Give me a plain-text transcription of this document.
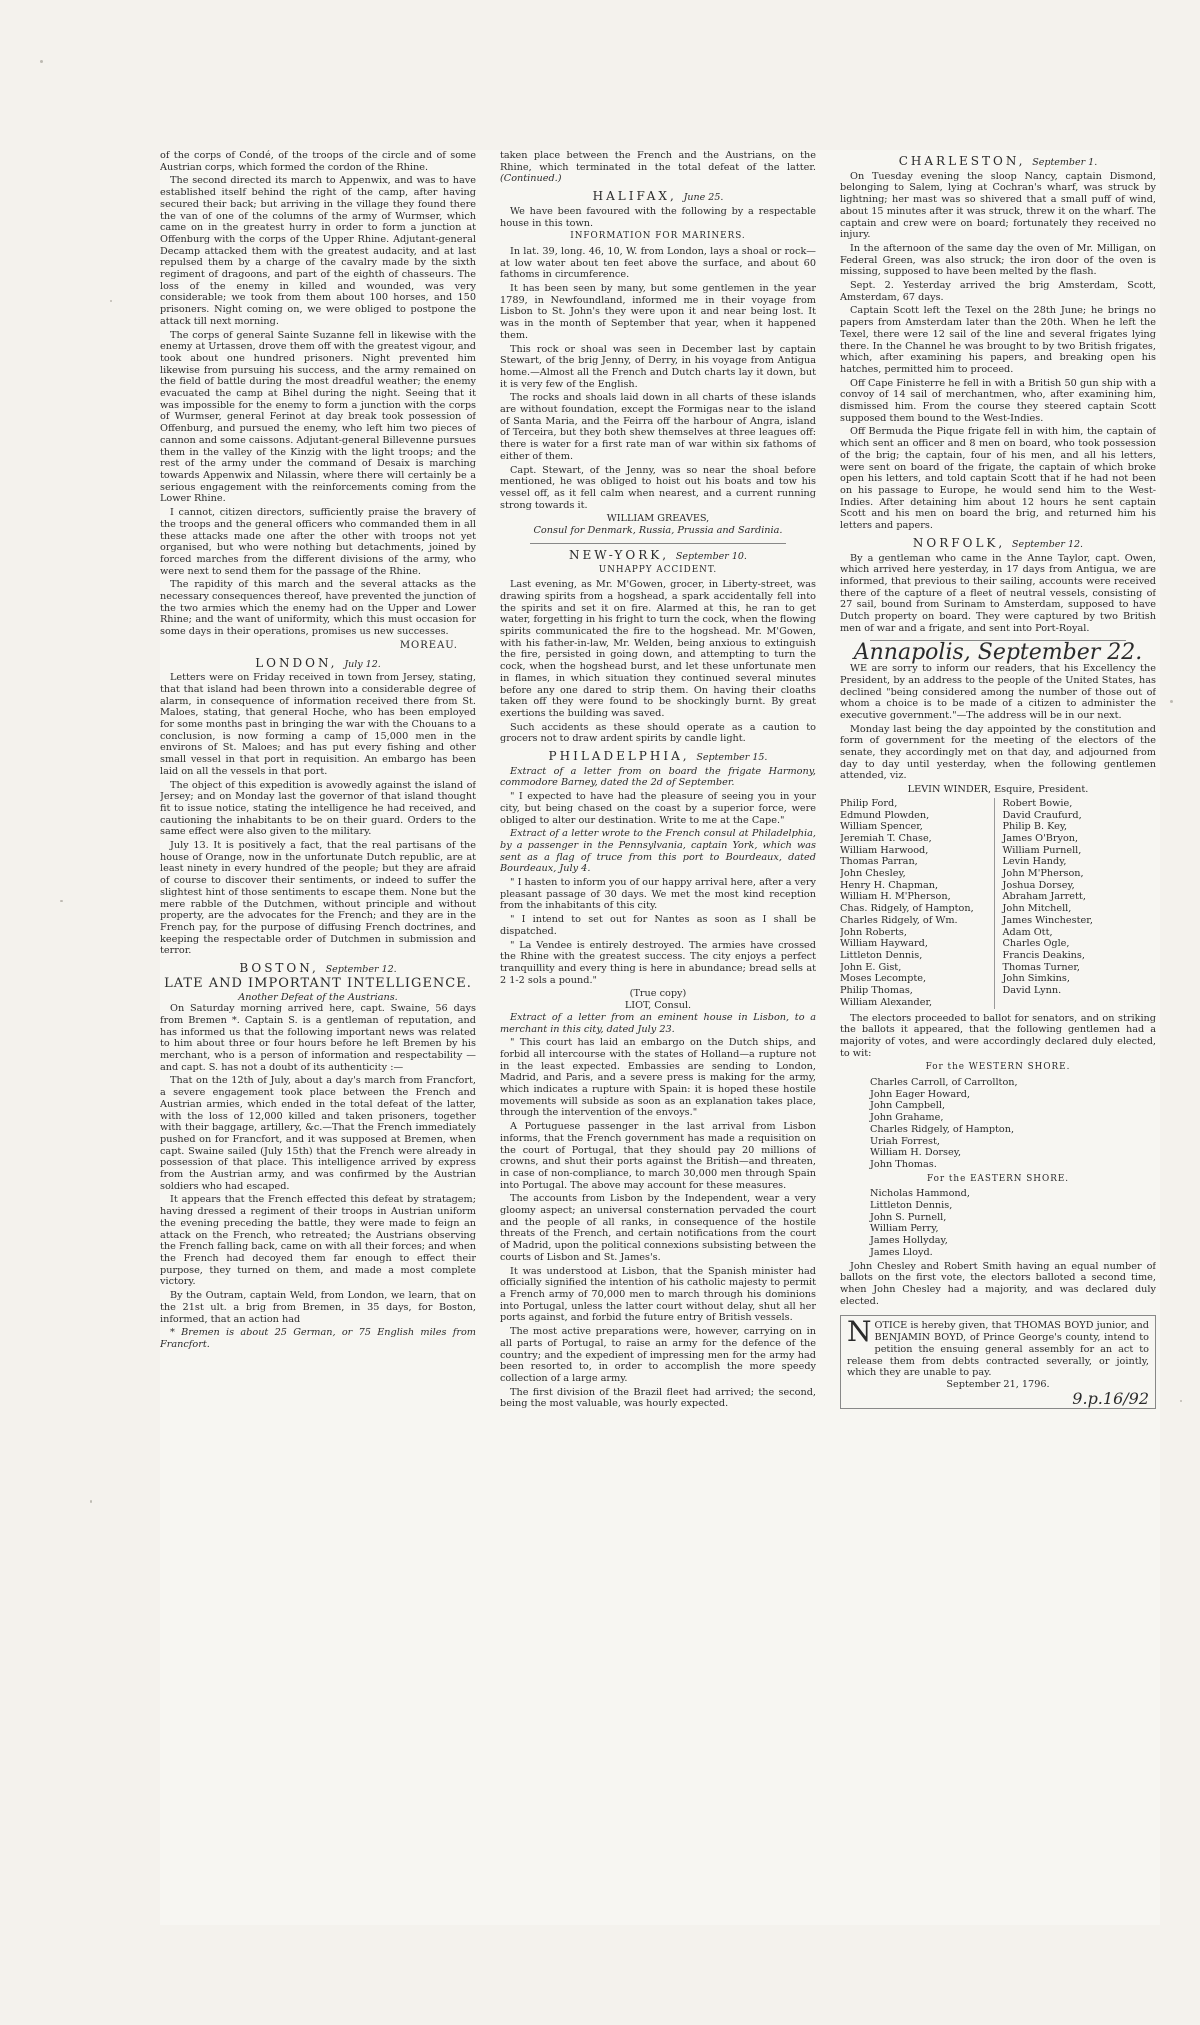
of the corps of Condé, of the troops of the circle and of some Austrian corps, which formed the cordon of the Rhine.

The second directed its march to Appenwix, and was to have established itself behind the right of the camp, after having secured their back; but arriving in the village they found there the van of one of the columns of the army of Wurmser, which came on in the greatest hurry in order to form a junction at Offenburg with the corps of the Upper Rhine. Adjutant-general Decamp attacked them with the greatest audacity, and at last repulsed them by a charge of the cavalry made by the sixth regiment of dragoons, and part of the eighth of chasseurs. The loss of the enemy in killed and wounded, was very considerable; we took from them about 100 horses, and 150 prisoners. Night coming on, we were obliged to postpone the attack till next morning.

The corps of general Sainte Suzanne fell in likewise with the enemy at Urtassen, drove them off with the greatest vigour, and took about one hundred prisoners. Night prevented him likewise from pursuing his success, and the army remained on the field of battle during the most dreadful weather; the enemy evacuated the camp at Bihel during the night. Seeing that it was impossible for the enemy to form a junction with the corps of Wurmser, general Ferinot at day break took possession of Offenburg, and pursued the enemy, who left him two pieces of cannon and some caissons. Adjutant-general Billevenne pursues them in the valley of the Kinzig with the light troops; and the rest of the army under the command of Desaix is marching towards Appenwix and Nilassin, where there will certainly be a serious engagement with the reinforcements coming from the Lower Rhine.

I cannot, citizen directors, sufficiently praise the bravery of the troops and the general officers who commanded them in all these attacks made one after the other with troops not yet organised, but who were nothing but detachments, joined by forced marches from the different divisions of the army, who were next to send them for the passage of the Rhine.

The rapidity of this march and the several attacks as the necessary consequences thereof, have prevented the junction of the two armies which the enemy had on the Upper and Lower Rhine; and the want of uniformity, which this must occasion for some days in their operations, promises us new successes.

MOREAU.
LONDON, July 12.

Letters were on Friday received in town from Jersey, stating, that that island had been thrown into a considerable degree of alarm, in consequence of information received there from St. Maloes, stating, that general Hoche, who has been employed for some months past in bringing the war with the Chouans to a conclusion, is now forming a camp of 15,000 men in the environs of St. Maloes; and has put every fishing and other small vessel in that port in requisition. An embargo has been laid on all the vessels in that port.

The object of this expedition is avowedly against the island of Jersey; and on Monday last the governor of that island thought fit to issue notice, stating the intelligence he had received, and cautioning the inhabitants to be on their guard. Orders to the same effect were also given to the military.

July 13. It is positively a fact, that the real partisans of the house of Orange, now in the unfortunate Dutch republic, are at least ninety in every hundred of the people; but they are afraid of course to discover their sentiments, or indeed to suffer the slightest hint of those sentiments to escape them. None but the mere rabble of the Dutchmen, without principle and without property, are the advocates for the French; and they are in the French pay, for the purpose of diffusing French doctrines, and keeping the respectable order of Dutchmen in submission and terror.

BOSTON, September 12.
LATE AND IMPORTANT INTELLIGENCE.
Another Defeat of the Austrians.

On Saturday morning arrived here, capt. Swaine, 56 days from Bremen *. Captain S. is a gentleman of reputation, and has informed us that the following important news was related to him about three or four hours before he left Bremen by his merchant, who is a person of information and respectability — and capt. S. has not a doubt of its authenticity :—

That on the 12th of July, about a day's march from Francfort, a severe engagement took place between the French and Austrian armies, which ended in the total defeat of the latter, with the loss of 12,000 killed and taken prisoners, together with their baggage, artillery, &c.—That the French immediately pushed on for Francfort, and it was supposed at Bremen, when capt. Swaine sailed (July 15th) that the French were already in possession of that place. This intelligence arrived by express from the Austrian army, and was confirmed by the Austrian soldiers who had escaped.

It appears that the French effected this defeat by stratagem; having dressed a regiment of their troops in Austrian uniform the evening preceding the battle, they were made to feign an attack on the French, who retreated; the Austrians observing the French falling back, came on with all their forces; and when the French had decoyed them far enough to effect their purpose, they turned on them, and made a most complete victory.

By the Outram, captain Weld, from London, we learn, that on the 21st ult. a brig from Bremen, in 35 days, for Boston, informed, that an action had

* Bremen is about 25 German, or 75 English miles from Francfort.

taken place between the French and the Austrians, on the Rhine, which terminated in the total defeat of the latter. (Continued.)

HALIFAX, June 25.

We have been favoured with the following by a respectable house in this town.

INFORMATION FOR MARINERS.

In lat. 39, long. 46, 10, W. from London, lays a shoal or rock—at low water about ten feet above the surface, and about 60 fathoms in circumference.

It has been seen by many, but some gentlemen in the year 1789, in Newfoundland, informed me in their voyage from Lisbon to St. John's they were upon it and near being lost. It was in the month of September that year, when it happened them.

This rock or shoal was seen in December last by captain Stewart, of the brig Jenny, of Derry, in his voyage from Antigua home.—Almost all the French and Dutch charts lay it down, but it is very few of the English.

The rocks and shoals laid down in all charts of these islands are without foundation, except the Formigas near to the island of Santa Maria, and the Feirra off the harbour of Angra, island of Terceira, but they both shew themselves at three leagues off: there is water for a first rate man of war within six fathoms of either of them.

Capt. Stewart, of the Jenny, was so near the shoal before mentioned, he was obliged to hoist out his boats and tow his vessel off, as it fell calm when nearest, and a current running strong towards it.

WILLIAM GREAVES,
Consul for Denmark, Russia, Prussia and Sardinia.
NEW-YORK, September 10.
UNHAPPY ACCIDENT.

Last evening, as Mr. M'Gowen, grocer, in Liberty-street, was drawing spirits from a hogshead, a spark accidentally fell into the spirits and set it on fire. Alarmed at this, he ran to get water, forgetting in his fright to turn the cock, when the flowing spirits communicated the fire to the hogshead. Mr. M'Gowen, with his father-in-law, Mr. Welden, being anxious to extinguish the fire, persisted in going down, and attempting to turn the cock, when the hogshead burst, and let these unfortunate men in flames, in which situation they continued several minutes before any one dared to strip them. On having their cloaths taken off they were found to be shockingly burnt. By great exertions the building was saved.

Such accidents as these should operate as a caution to grocers not to draw ardent spirits by candle light.

PHILADELPHIA, September 15.

Extract of a letter from on board the frigate Harmony, commodore Barney, dated the 2d of September.

" I expected to have had the pleasure of seeing you in your city, but being chased on the coast by a superior force, were obliged to alter our destination. Write to me at the Cape."

Extract of a letter wrote to the French consul at Philadelphia, by a passenger in the Pennsylvania, captain York, which was sent as a flag of truce from this port to Bourdeaux, dated Bourdeaux, July 4.

" I hasten to inform you of our happy arrival here, after a very pleasant passage of 30 days. We met the most kind reception from the inhabitants of this city.

" I intend to set out for Nantes as soon as I shall be dispatched.

" La Vendee is entirely destroyed. The armies have crossed the Rhine with the greatest success. The city enjoys a perfect tranquillity and every thing is here in abundance; bread sells at 2 1-2 sols a pound."

(True copy)
LIOT, Consul.

Extract of a letter from an eminent house in Lisbon, to a merchant in this city, dated July 23.

" This court has laid an embargo on the Dutch ships, and forbid all intercourse with the states of Holland—a rupture not in the least expected. Embassies are sending to London, Madrid, and Paris, and a severe press is making for the army, which indicates a rupture with Spain: it is hoped these hostile movements will subside as soon as an explanation takes place, through the intervention of the envoys."

A Portuguese passenger in the last arrival from Lisbon informs, that the French government has made a requisition on the court of Portugal, that they should pay 20 millions of crowns, and shut their ports against the British—and threaten, in case of non-compliance, to march 30,000 men through Spain into Portugal. The above may account for these measures.

The accounts from Lisbon by the Independent, wear a very gloomy aspect; an universal consternation pervaded the court and the people of all ranks, in consequence of the hostile threats of the French, and certain notifications from the court of Madrid, upon the political connexions subsisting between the courts of Lisbon and St. James's.

It was understood at Lisbon, that the Spanish minister had officially signified the intention of his catholic majesty to permit a French army of 70,000 men to march through his dominions into Portugal, unless the latter court without delay, shut all her ports against, and forbid the future entry of British vessels.

The most active preparations were, however, carrying on in all parts of Portugal, to raise an army for the defence of the country; and the expedient of impressing men for the army had been resorted to, in order to accomplish the more speedy collection of a large army.

The first division of the Brazil fleet had arrived; the second, being the most valuable, was hourly expected.

CHARLESTON, September 1.

On Tuesday evening the sloop Nancy, captain Dismond, belonging to Salem, lying at Cochran's wharf, was struck by lightning; her mast was so shivered that a small puff of wind, about 15 minutes after it was struck, threw it on the wharf. The captain and crew were on board; fortunately they received no injury.

In the afternoon of the same day the oven of Mr. Milligan, on Federal Green, was also struck; the iron door of the oven is missing, supposed to have been melted by the flash.

Sept. 2. Yesterday arrived the brig Amsterdam, Scott, Amsterdam, 67 days.

Captain Scott left the Texel on the 28th June; he brings no papers from Amsterdam later than the 20th. When he left the Texel, there were 12 sail of the line and several frigates lying there. In the Channel he was brought to by two British frigates, which, after examining his papers, and breaking open his hatches, permitted him to proceed.

Off Cape Finisterre he fell in with a British 50 gun ship with a convoy of 14 sail of merchantmen, who, after examining him, dismissed him. From the course they steered captain Scott supposed them bound to the West-Indies.

Off Bermuda the Pique frigate fell in with him, the captain of which sent an officer and 8 men on board, who took possession of the brig; the captain, four of his men, and all his letters, were sent on board of the frigate, the captain of which broke open his letters, and told captain Scott that if he had not been on his passage to Europe, he would send him to the West-Indies. After detaining him about 12 hours he sent captain Scott and his men on board the brig, and returned him his letters and papers.

NORFOLK, September 12.

By a gentleman who came in the Anne Taylor, capt. Owen, which arrived here yesterday, in 17 days from Antigua, we are informed, that previous to their sailing, accounts were received there of the capture of a fleet of neutral vessels, consisting of 27 sail, bound from Surinam to Amsterdam, supposed to have Dutch property on board. They were captured by two British men of war and a frigate, and sent into Port-Royal.

Annapolis, September 22.

WE are sorry to inform our readers, that his Excellency the President, by an address to the people of the United States, has declined "being considered among the number of those out of whom a choice is to be made of a citizen to administer the executive government."—The address will be in our next.

Monday last being the day appointed by the constitution and form of government for the meeting of the electors of the senate, they accordingly met on that day, and adjourned from day to day until yesterday, when the following gentlemen attended, viz.

LEVIN WINDER, Esquire, President.
Philip Ford,
Edmund Plowden,
William Spencer,
Jeremiah T. Chase,
William Harwood,
Thomas Parran,
John Chesley,
Henry H. Chapman,
William H. M'Pherson,
Chas. Ridgely, of Hampton,
Charles Ridgely, of Wm.
John Roberts,
William Hayward,
Littleton Dennis,
John E. Gist,
Moses Lecompte,
Philip Thomas,
William Alexander,
Robert Bowie,
David Craufurd,
Philip B. Key,
James O'Bryon,
William Purnell,
Levin Handy,
John M'Pherson,
Joshua Dorsey,
Abraham Jarrett,
John Mitchell,
James Winchester,
Adam Ott,
Charles Ogle,
Francis Deakins,
Thomas Turner,
John Simkins,
David Lynn.

The electors proceeded to ballot for senators, and on striking the ballots it appeared, that the following gentlemen had a majority of votes, and were accordingly declared duly elected, to wit:

For the WESTERN SHORE.
Charles Carroll, of Carrollton,
John Eager Howard,
John Campbell,
John Grahame,
Charles Ridgely, of Hampton,
Uriah Forrest,
William H. Dorsey,
John Thomas.
For the EASTERN SHORE.
Nicholas Hammond,
Littleton Dennis,
John S. Purnell,
William Perry,
James Hollyday,
James Lloyd.

John Chesley and Robert Smith having an equal number of ballots on the first vote, the electors balloted a second time, when John Chesley had a majority, and was declared duly elected.

N OTICE is hereby given, that THOMAS BOYD junior, and BENJAMIN BOYD, of Prince George's county, intend to petition the ensuing general assembly for an act to release them from debts contracted severally, or jointly, which they are unable to pay.
September 21, 1796.
9.p.16/92
